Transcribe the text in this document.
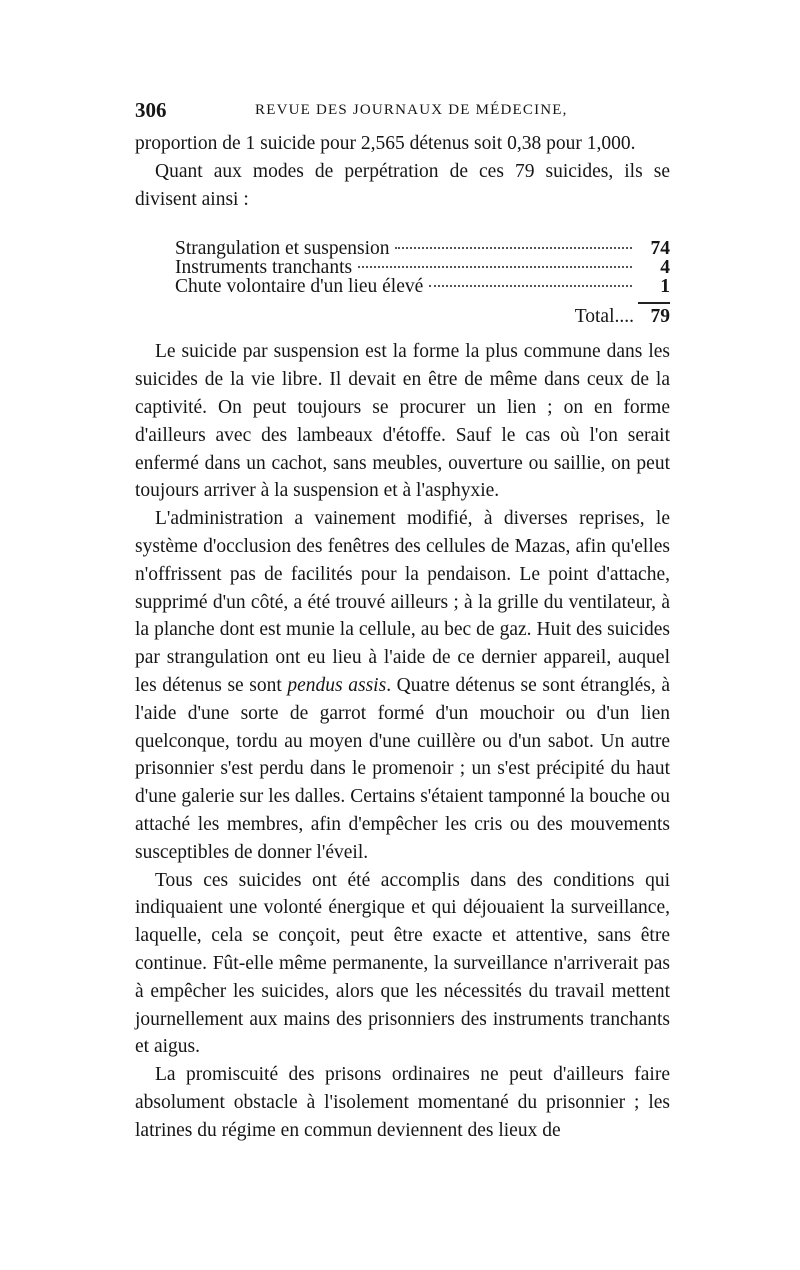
306	REVUE DES JOURNAUX DE MÉDECINE,

proportion de 1 suicide pour 2,565 détenus soit 0,38 pour 1,000.

Quant aux modes de perpétration de ces 79 suicides, ils se divisent ainsi :

Strangulation et suspension	74
Instruments tranchants	4
Chute volontaire d'un lieu élevé	1
Total.... 79

Le suicide par suspension est la forme la plus commune dans les suicides de la vie libre. Il devait en être de même dans ceux de la captivité. On peut toujours se procurer un lien ; on en forme d'ailleurs avec des lambeaux d'étoffe. Sauf le cas où l'on serait enfermé dans un cachot, sans meubles, ouverture ou saillie, on peut toujours arriver à la suspension et à l'asphyxie.

L'administration a vainement modifié, à diverses reprises, le système d'occlusion des fenêtres des cellules de Mazas, afin qu'elles n'offrissent pas de facilités pour la pendaison. Le point d'attache, supprimé d'un côté, a été trouvé ailleurs ; à la grille du ventilateur, à la planche dont est munie la cellule, au bec de gaz. Huit des suicides par strangulation ont eu lieu à l'aide de ce dernier appareil, auquel les détenus se sont pendus assis. Quatre détenus se sont étranglés, à l'aide d'une sorte de garrot formé d'un mouchoir ou d'un lien quelconque, tordu au moyen d'une cuillère ou d'un sabot. Un autre prisonnier s'est perdu dans le promenoir ; un s'est précipité du haut d'une galerie sur les dalles. Certains s'étaient tamponné la bouche ou attaché les membres, afin d'empêcher les cris ou des mouvements susceptibles de donner l'éveil.

Tous ces suicides ont été accomplis dans des conditions qui indiquaient une volonté énergique et qui déjouaient la surveillance, laquelle, cela se conçoit, peut être exacte et attentive, sans être continue. Fût-elle même permanente, la surveillance n'arriverait pas à empêcher les suicides, alors que les nécessités du travail mettent journellement aux mains des prisonniers des instruments tranchants et aigus.

La promiscuité des prisons ordinaires ne peut d'ailleurs faire absolument obstacle à l'isolement momentané du prisonnier ; les latrines du régime en commun deviennent des lieux de
